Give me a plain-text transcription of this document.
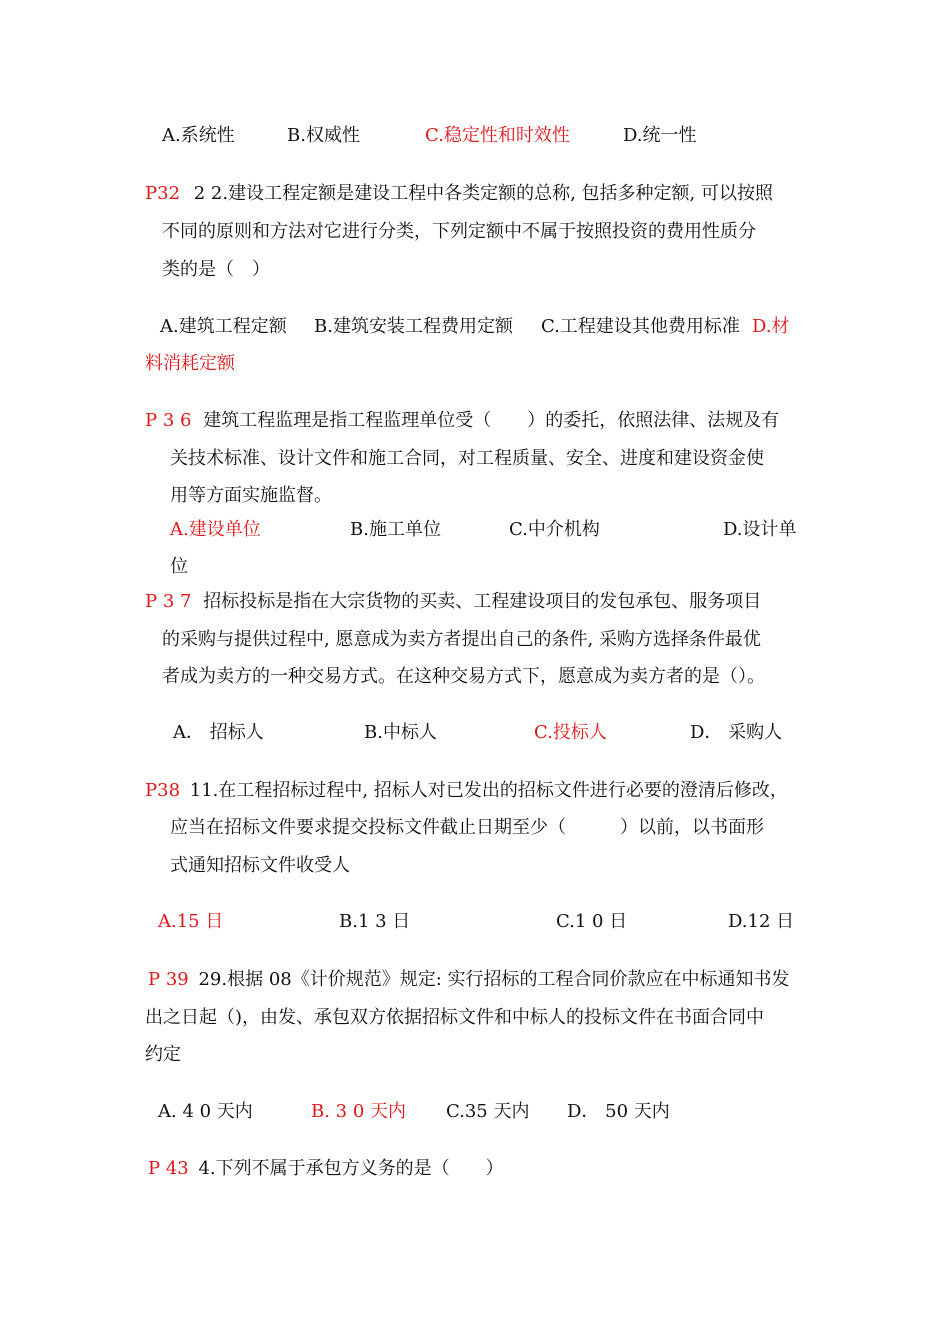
A.系统性	B.权威性	C.稳定性和时效性	D.统一性
P32 2 2.建设工程定额是建设工程中各类定额的总称, 包括多种定额, 可以按照
不同的原则和方法对它进行分类，下列定额中不属于按照投资的费用性质分
类的是（　）
A.建筑工程定额 B.建筑安装工程费用定额 C.工程建设其他费用标准 D.材
料消耗定额
P 3 6 建筑工程监理是指工程监理单位受（　　）的委托，依照法律、法规及有
关技术标准、设计文件和施工合同，对工程质量、安全、进度和建设资金使
用等方面实施监督。
A.建设单位	B.施工单位	C.中介机构	D.设计单
位
P 3 7 招标投标是指在大宗货物的买卖、工程建设项目的发包承包、服务项目
的采购与提供过程中, 愿意成为卖方者提出自己的条件, 采购方选择条件最优
者成为卖方的一种交易方式。在这种交易方式下，愿意成为卖方者的是（）。
A． 招标人	B.中标人	C.投标人	D． 采购人
P38 11.在工程招标过程中, 招标人对已发出的招标文件进行必要的澄清后修改，
应当在招标文件要求提交投标文件截止日期至少（　　　）以前，以书面形
式通知招标文件收受人
A.15 日	B.1 3 日	C.1 0 日	D.12 日
P 39 29.根据 08《计价规范》规定: 实行招标的工程合同价款应在中标通知书发
出之日起（)，由发、承包双方依据招标文件和中标人的投标文件在书面合同中
约定
A. 4 0 天内	B. 3 0 天内 C.35 天内 D． 50 天内
P 43 4.下列不属于承包方义务的是（　　）
